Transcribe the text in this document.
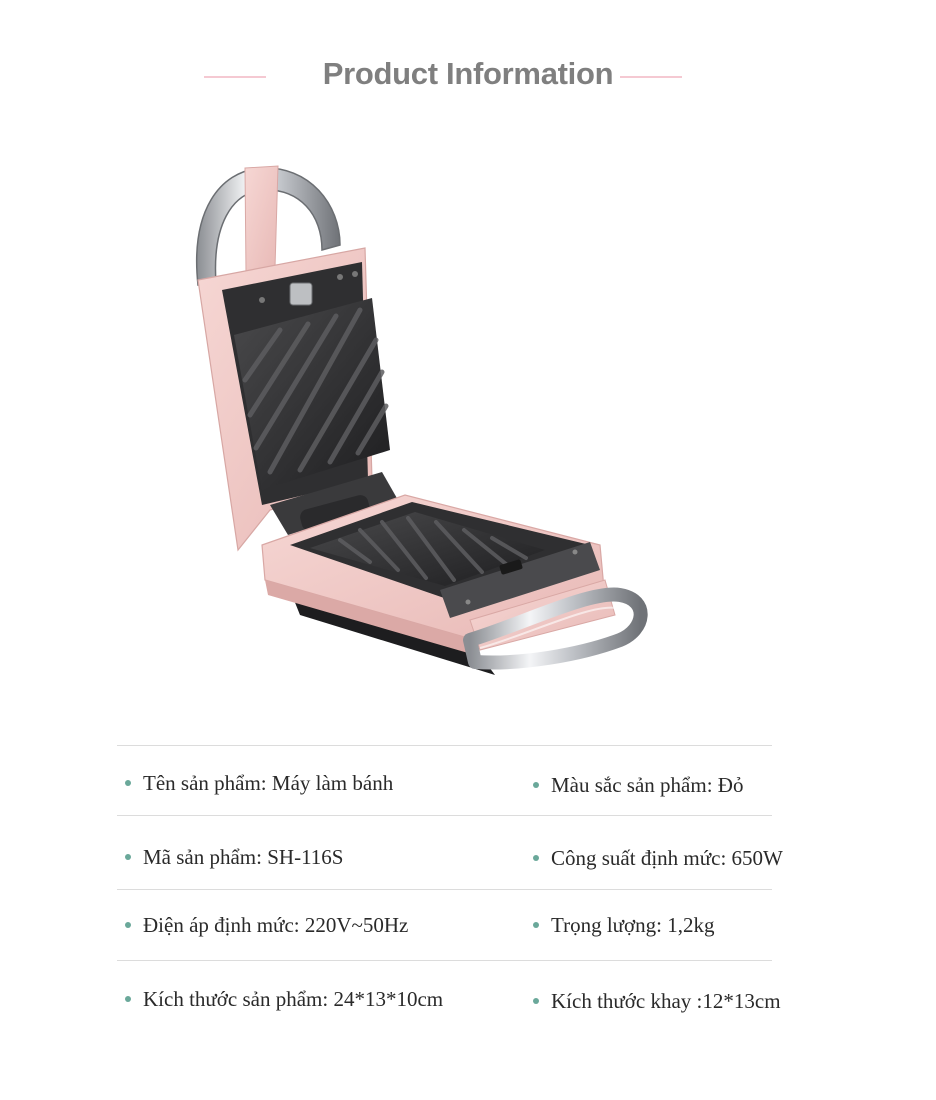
Product Information
Tên sản phẩm: Máy làm bánh	Màu sắc sản phẩm: Đỏ
Mã sản phẩm: SH-116S	Công suất định mức: 650W
Điện áp định mức: 220V~50Hz	Trọng lượng: 1,2kg
Kích thước sản phẩm: 24*13*10cm	Kích thước khay :12*13cm
